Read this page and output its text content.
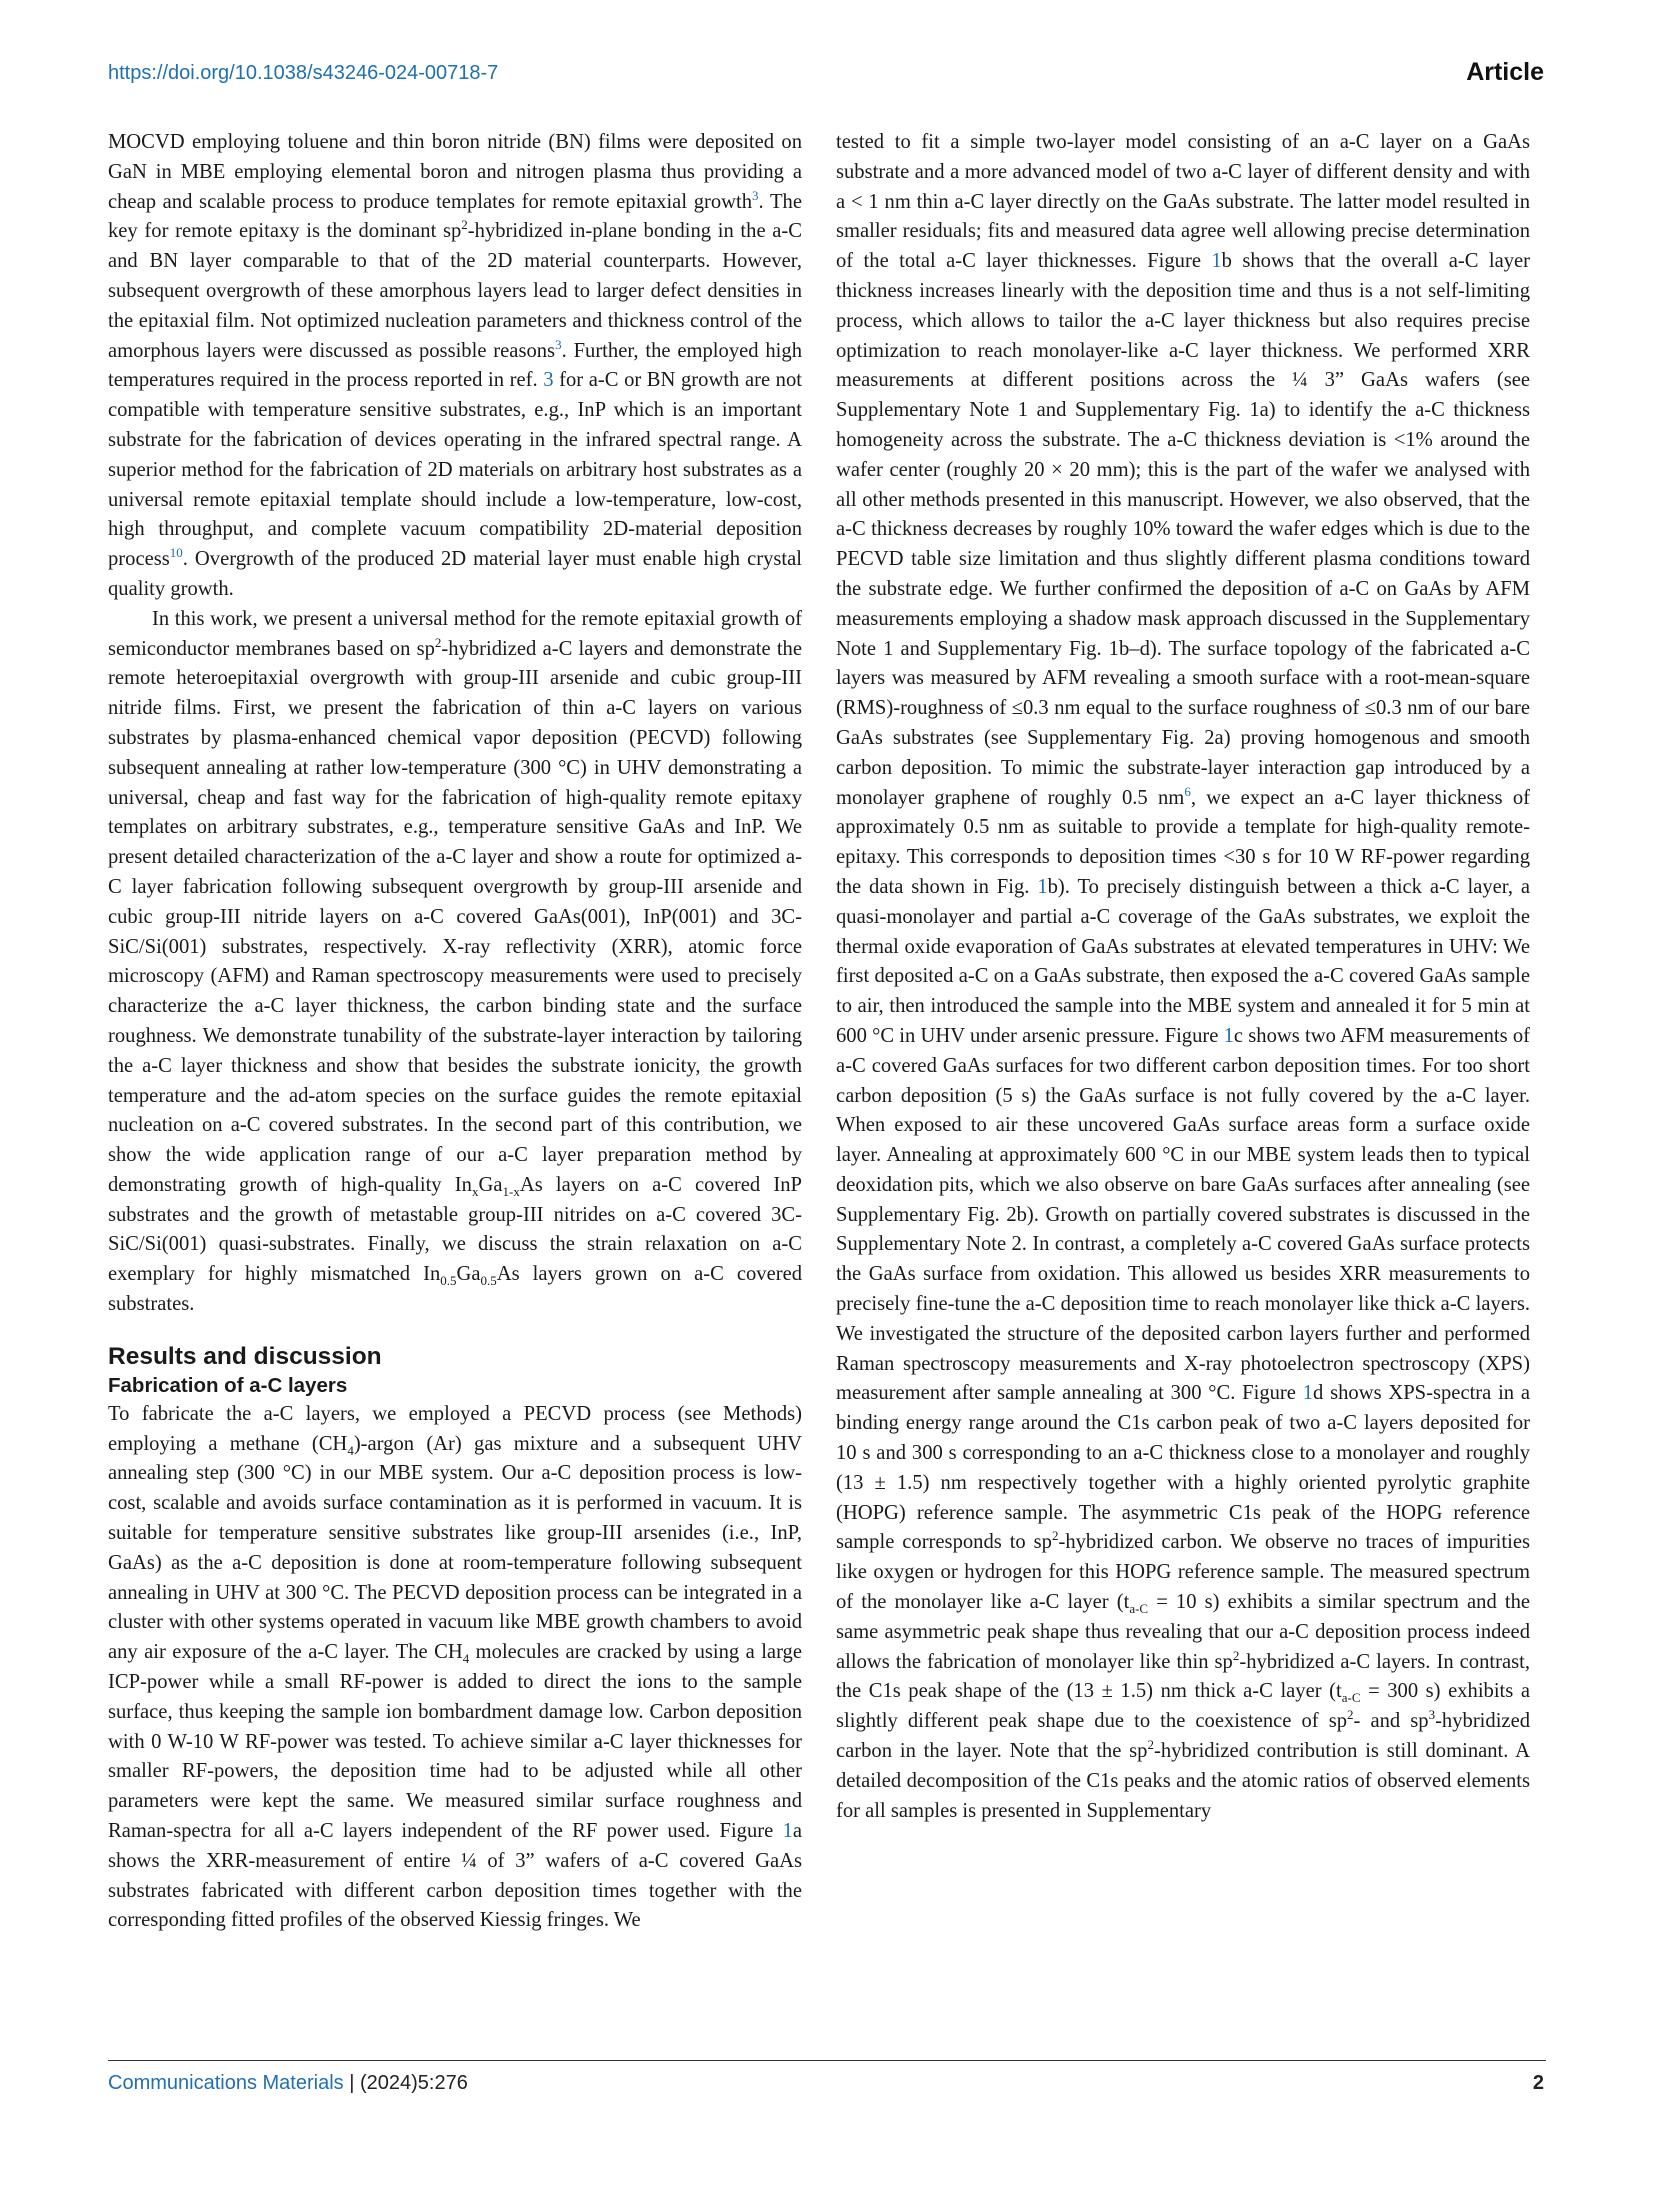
https://doi.org/10.1038/s43246-024-00718-7	Article

MOCVD employing toluene and thin boron nitride (BN) films were deposited on GaN in MBE employing elemental boron and nitrogen plasma thus providing a cheap and scalable process to produce templates for remote epitaxial growth$^3$. The key for remote epitaxy is the dominant $sp^2$-hybridized in-plane bonding in the a-C and BN layer comparable to that of the 2D material counterparts. However, subsequent overgrowth of these amorphous layers lead to larger defect densities in the epitaxial film. Not optimized nucleation parameters and thickness control of the amorphous layers were discussed as possible reasons$^3$. Further, the employed high temperatures required in the process reported in ref. 3 for a-C or BN growth are not compatible with temperature sensitive substrates, e.g., InP which is an important substrate for the fabrication of devices operating in the infrared spectral range. A superior method for the fabrication of 2D materials on arbitrary host substrates as a universal remote epitaxial template should include a low-temperature, low-cost, high throughput, and complete vacuum compatibility 2D-material deposition process$^{10}$. Overgrowth of the produced 2D material layer must enable high crystal quality growth.

In this work, we present a universal method for the remote epitaxial growth of semiconductor membranes based on $sp^2$-hybridized a-C layers and demonstrate the remote heteroepitaxial overgrowth with group-III arsenide and cubic group-III nitride films. First, we present the fabrication of thin a-C layers on various substrates by plasma-enhanced chemical vapor deposition (PECVD) following subsequent annealing at rather low-temperature (300 °C) in UHV demonstrating a universal, cheap and fast way for the fabrication of high-quality remote epitaxy templates on arbitrary substrates, e.g., temperature sensitive GaAs and InP. We present detailed characterization of the a-C layer and show a route for optimized a-C layer fabrication following subsequent overgrowth by group-III arsenide and cubic group-III nitride layers on a-C covered GaAs(001), InP(001) and 3C-SiC/Si(001) substrates, respectively. X-ray reflectivity (XRR), atomic force microscopy (AFM) and Raman spectroscopy measurements were used to precisely characterize the a-C layer thickness, the carbon binding state and the surface roughness. We demonstrate tunability of the substrate-layer interaction by tailoring the a-C layer thickness and show that besides the substrate ionicity, the growth temperature and the ad-atom species on the surface guides the remote epitaxial nucleation on a-C covered substrates. In the second part of this contribution, we show the wide application range of our a-C layer preparation method by demonstrating growth of high-quality $In_xGa_{1-x}As$ layers on a-C covered InP substrates and the growth of metastable group-III nitrides on a-C covered 3C-SiC/Si(001) quasi-substrates. Finally, we discuss the strain relaxation on a-C exemplary for highly mismatched $In_{0.5}Ga_{0.5}As$ layers grown on a-C covered substrates.

Results and discussion
Fabrication of a-C layers

To fabricate the a-C layers, we employed a PECVD process (see Methods) employing a methane $(CH_4)$-argon (Ar) gas mixture and a subsequent UHV annealing step (300 °C) in our MBE system. Our a-C deposition process is low-cost, scalable and avoids surface contamination as it is performed in vacuum. It is suitable for temperature sensitive substrates like group-III arsenides (i.e., InP, GaAs) as the a-C deposition is done at room-temperature following subsequent annealing in UHV at 300 °C. The PECVD deposition process can be integrated in a cluster with other systems operated in vacuum like MBE growth chambers to avoid any air exposure of the a-C layer. The $CH_4$ molecules are cracked by using a large ICP-power while a small RF-power is added to direct the ions to the sample surface, thus keeping the sample ion bombardment damage low. Carbon deposition with 0 W-10 W RF-power was tested. To achieve similar a-C layer thicknesses for smaller RF-powers, the deposition time had to be adjusted while all other parameters were kept the same. We measured similar surface roughness and Raman-spectra for all a-C layers independent of the RF power used. Figure 1a shows the XRR-measurement of entire ¼ of 3” wafers of a-C covered GaAs substrates fabricated with different carbon deposition times together with the corresponding fitted profiles of the observed Kiessig fringes. We

tested to fit a simple two-layer model consisting of an a-C layer on a GaAs substrate and a more advanced model of two a-C layer of different density and with a < 1 nm thin a-C layer directly on the GaAs substrate. The latter model resulted in smaller residuals; fits and measured data agree well allowing precise determination of the total a-C layer thicknesses. Figure 1b shows that the overall a-C layer thickness increases linearly with the deposition time and thus is a not self-limiting process, which allows to tailor the a-C layer thickness but also requires precise optimization to reach monolayer-like a-C layer thickness. We performed XRR measurements at different positions across the ¼ 3” GaAs wafers (see Supplementary Note 1 and Supplementary Fig. 1a) to identify the a-C thickness homogeneity across the substrate. The a-C thickness deviation is <1% around the wafer center (roughly 20 × 20 mm); this is the part of the wafer we analysed with all other methods presented in this manuscript. However, we also observed, that the a-C thickness decreases by roughly 10% toward the wafer edges which is due to the PECVD table size limitation and thus slightly different plasma conditions toward the substrate edge. We further confirmed the deposition of a-C on GaAs by AFM measurements employing a shadow mask approach discussed in the Supplementary Note 1 and Supplementary Fig. 1b–d). The surface topology of the fabricated a-C layers was measured by AFM revealing a smooth surface with a root-mean-square (RMS)-roughness of ≤0.3 nm equal to the surface roughness of ≤0.3 nm of our bare GaAs substrates (see Supplementary Fig. 2a) proving homogenous and smooth carbon deposition. To mimic the substrate-layer interaction gap introduced by a monolayer graphene of roughly 0.5 $nm^6$, we expect an a-C layer thickness of approximately 0.5 nm as suitable to provide a template for high-quality remote-epitaxy. This corresponds to deposition times <30 s for 10 W RF-power regarding the data shown in Fig. 1b). To precisely distinguish between a thick a-C layer, a quasi-monolayer and partial a-C coverage of the GaAs substrates, we exploit the thermal oxide evaporation of GaAs substrates at elevated temperatures in UHV: We first deposited a-C on a GaAs substrate, then exposed the a-C covered GaAs sample to air, then introduced the sample into the MBE system and annealed it for 5 min at 600 °C in UHV under arsenic pressure. Figure 1c shows two AFM measurements of a-C covered GaAs surfaces for two different carbon deposition times. For too short carbon deposition (5 s) the GaAs surface is not fully covered by the a-C layer. When exposed to air these uncovered GaAs surface areas form a surface oxide layer. Annealing at approximately 600 °C in our MBE system leads then to typical deoxidation pits, which we also observe on bare GaAs surfaces after annealing (see Supplementary Fig. 2b). Growth on partially covered substrates is discussed in the Supplementary Note 2. In contrast, a completely a-C covered GaAs surface protects the GaAs surface from oxidation. This allowed us besides XRR measurements to precisely fine-tune the a-C deposition time to reach monolayer like thick a-C layers. We investigated the structure of the deposited carbon layers further and performed Raman spectroscopy measurements and X-ray photoelectron spectroscopy (XPS) measurement after sample annealing at 300 °C. Figure 1d shows XPS-spectra in a binding energy range around the C1s carbon peak of two a-C layers deposited for 10 s and 300 s corresponding to an a-C thickness close to a monolayer and roughly (13 ± 1.5) nm respectively together with a highly oriented pyrolytic graphite (HOPG) reference sample. The asymmetric C1s peak of the HOPG reference sample corresponds to $sp^2$-hybridized carbon. We observe no traces of impurities like oxygen or hydrogen for this HOPG reference sample. The measured spectrum of the monolayer like a-C layer ($t_{a-C} = 10$ s) exhibits a similar spectrum and the same asymmetric peak shape thus revealing that our a-C deposition process indeed allows the fabrication of monolayer like thin $sp^2$-hybridized a-C layers. In contrast, the C1s peak shape of the (13 ± 1.5) nm thick a-C layer ($t_{a-C} = 300$ s) exhibits a slightly different peak shape due to the coexistence of $sp^2-$ and $sp^3$-hybridized carbon in the layer. Note that the $sp^2$-hybridized contribution is still dominant. A detailed decomposition of the C1s peaks and the atomic ratios of observed elements for all samples is presented in Supplementary

Communications Materials | (2024)5:276	2
